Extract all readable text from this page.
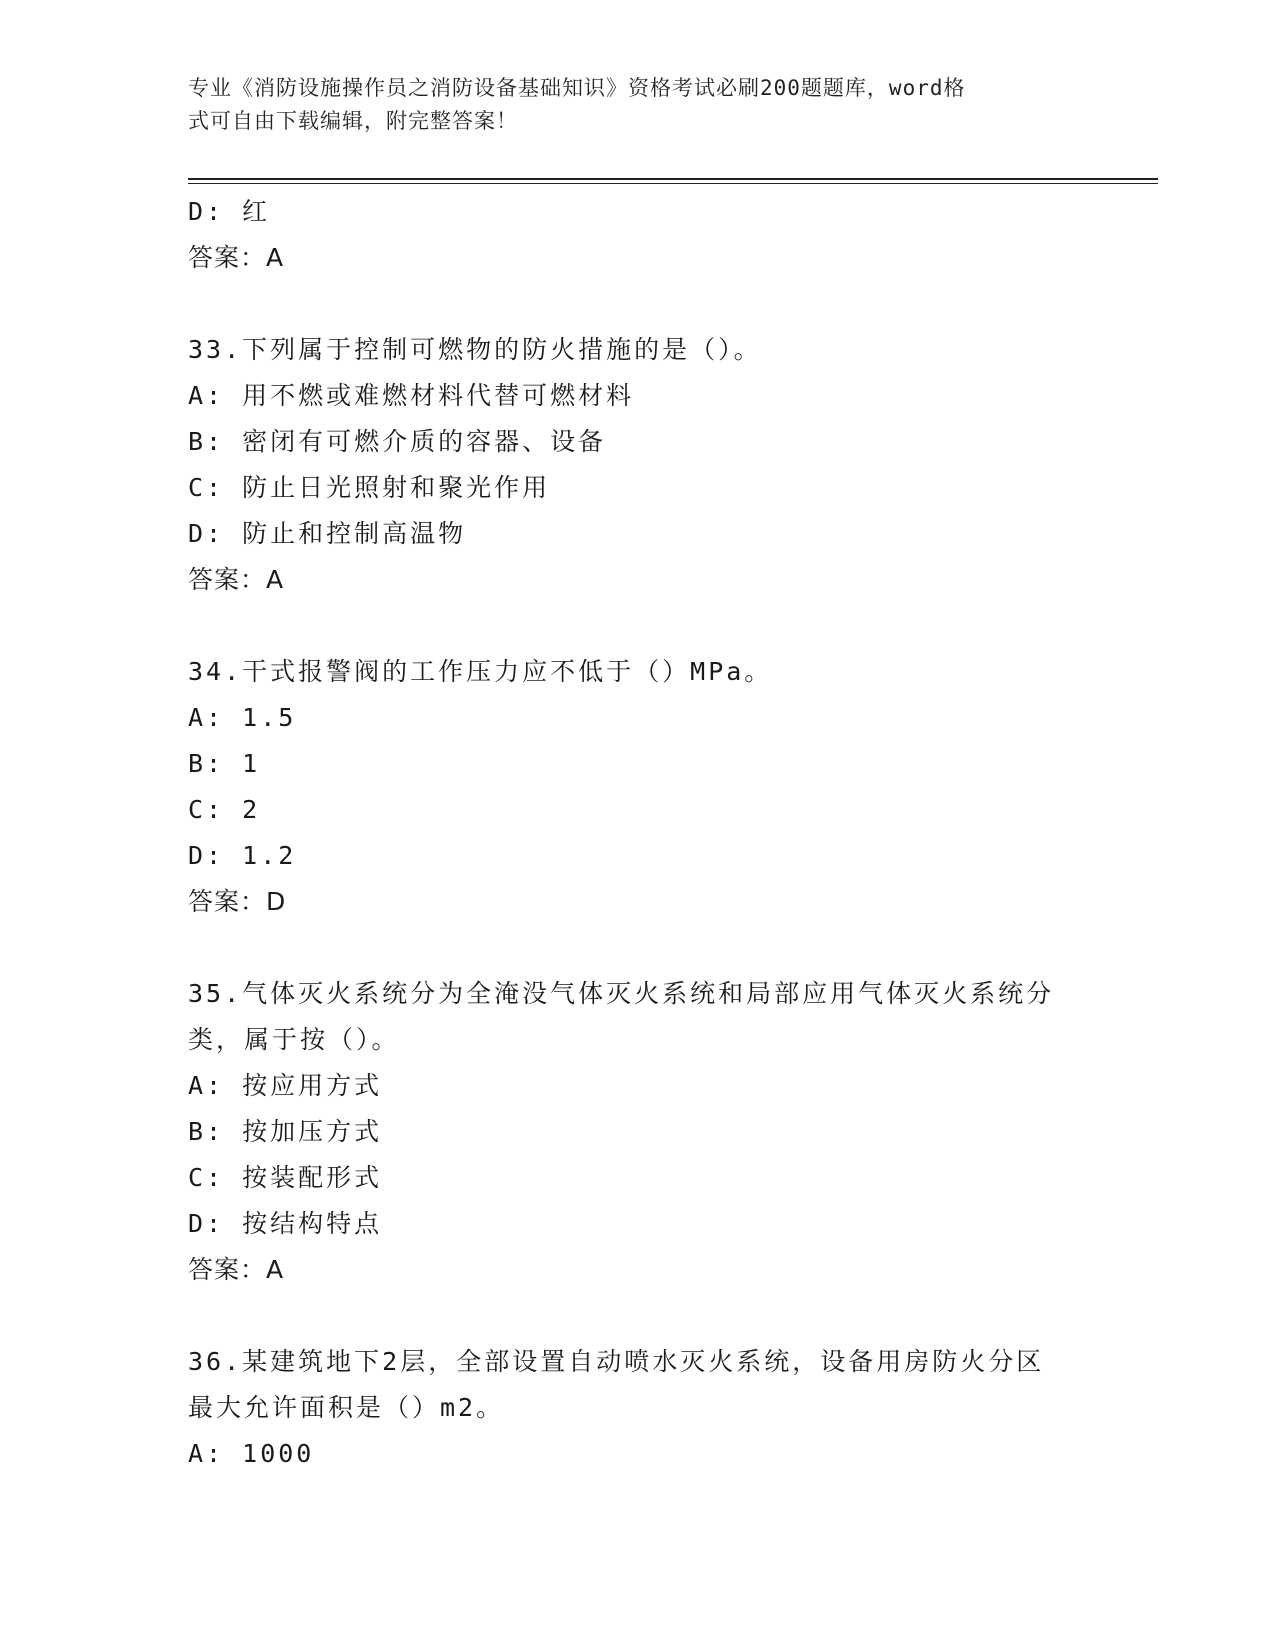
专业《消防设施操作员之消防设备基础知识》资格考试必刷200题题库，word格
式可自由下载编辑，附完整答案！
D: 红
答案：A
33.下列属于控制可燃物的防火措施的是（）。
A: 用不燃或难燃材料代替可燃材料
B: 密闭有可燃介质的容器、设备
C: 防止日光照射和聚光作用
D: 防止和控制高温物
答案：A
34.干式报警阀的工作压力应不低于（）MPa。
A: 1.5
B: 1
C: 2
D: 1.2
答案：D
35.气体灭火系统分为全淹没气体灭火系统和局部应用气体灭火系统分
类，属于按（）。
A: 按应用方式
B: 按加压方式
C: 按装配形式
D: 按结构特点
答案：A
36.某建筑地下2层，全部设置自动喷水灭火系统，设备用房防火分区
最大允许面积是（）m2。
A: 1000
